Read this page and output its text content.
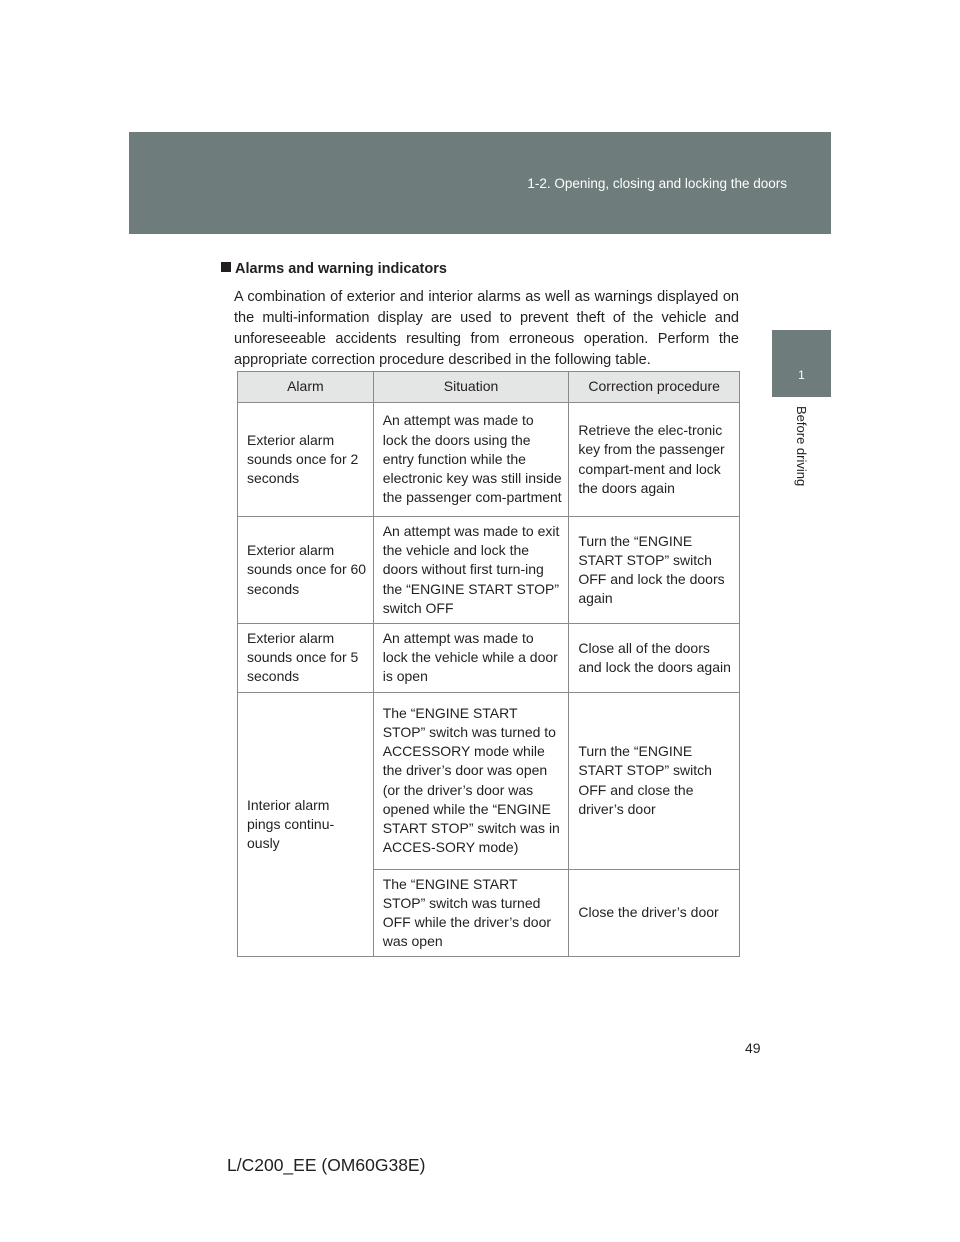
1-2. Opening, closing and locking the doors
1
Before driving
Alarms and warning indicators
A combination of exterior and interior alarms as well as warnings displayed on the multi-information display are used to prevent theft of the vehicle and unforeseeable accidents resulting from erroneous operation. Perform the appropriate correction procedure described in the following table.
Alarm	Situation	Correction procedure
Exterior alarm sounds once for 2 seconds	An attempt was made to lock the doors using the entry function while the electronic key was still inside the passenger com-partment	Retrieve the elec-tronic key from the passenger compart-ment and lock the doors again
Exterior alarm sounds once for 60 seconds	An attempt was made to exit the vehicle and lock the doors without first turn-ing the “ENGINE START STOP” switch OFF	Turn the “ENGINE START STOP” switch OFF and lock the doors again
Exterior alarm sounds once for 5 seconds	An attempt was made to lock the vehicle while a door is open	Close all of the doors and lock the doors again
Interior alarm pings continu-ously	The “ENGINE START STOP” switch was turned to ACCESSORY mode while the driver’s door was open (or the driver’s door was opened while the “ENGINE START STOP” switch was in ACCES-SORY mode)	Turn the “ENGINE START STOP” switch OFF and close the driver’s door
	The “ENGINE START STOP” switch was turned OFF while the driver’s door was open	Close the driver’s door
49
L/C200_EE (OM60G38E)
